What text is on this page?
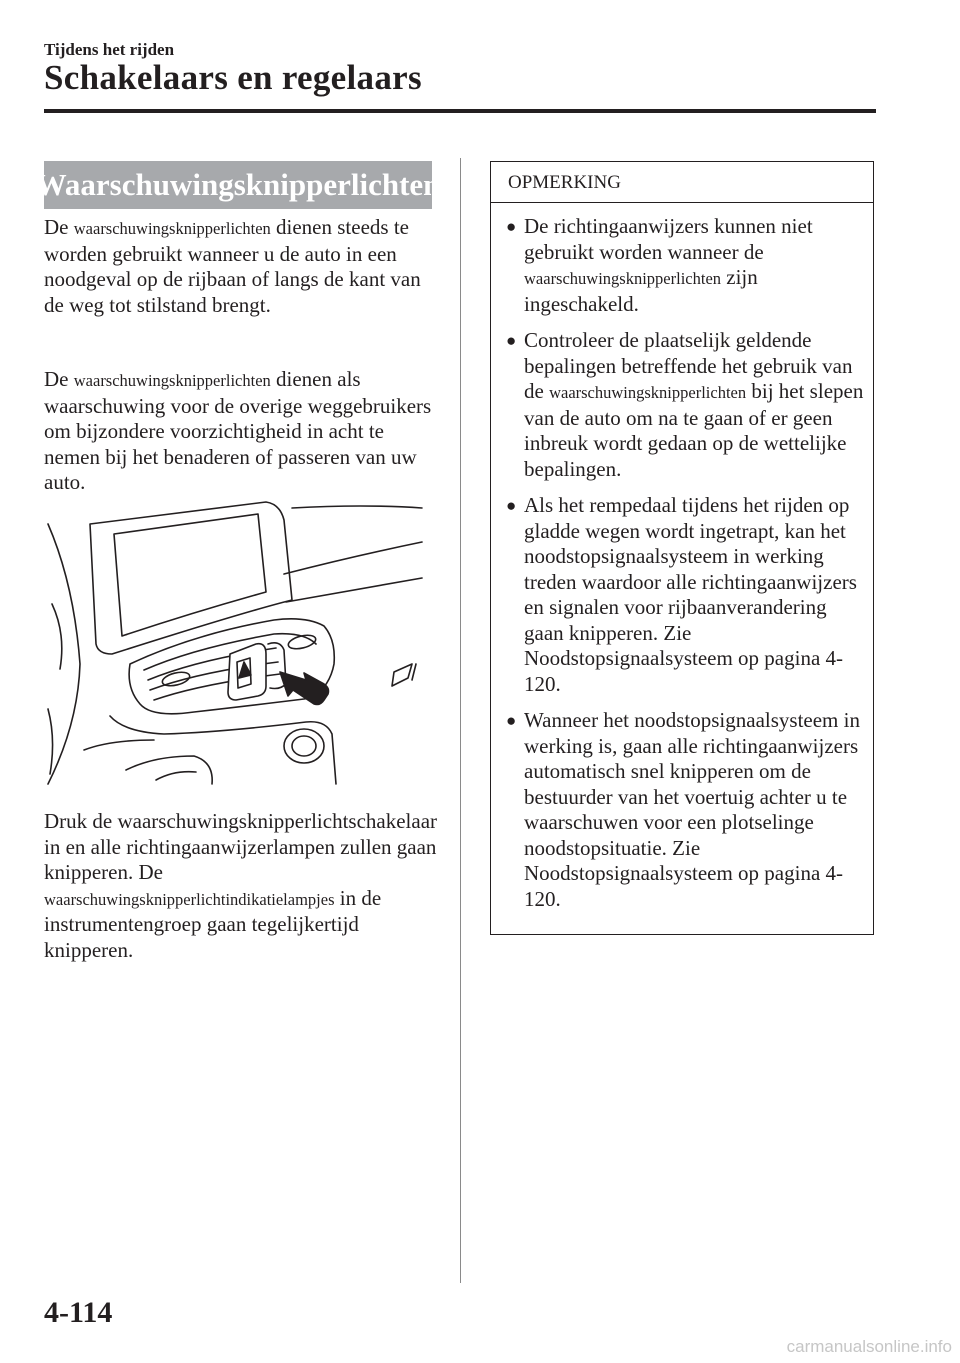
Tijdens het rijden
Schakelaars en regelaars
Waarschuwingsknipperlichten
De waarschuwingsknipperlichten dienen steeds te worden gebruikt wanneer u de auto in een noodgeval op de rijbaan of langs de kant van de weg tot stilstand brengt.
De waarschuwingsknipperlichten dienen als waarschuwing voor de overige weggebruikers om bijzondere voorzichtigheid in acht te nemen bij het benaderen of passeren van uw auto.
Druk de waarschuwingsknipperlichtschakelaar in en alle richtingaanwijzerlampen zullen gaan knipperen. De waarschuwingsknipperlichtindikatielampjes in de instrumentengroep gaan tegelijkertijd knipperen.
OPMERKING
● De richtingaanwijzers kunnen niet gebruikt worden wanneer de waarschuwingsknipperlichten zijn ingeschakeld.
● Controleer de plaatselijk geldende bepalingen betreffende het gebruik van de waarschuwingsknipperlichten bij het slepen van de auto om na te gaan of er geen inbreuk wordt gedaan op de wettelijke bepalingen.
● Als het rempedaal tijdens het rijden op gladde wegen wordt ingetrapt, kan het noodstopsignaalsysteem in werking treden waardoor alle richtingaanwijzers en signalen voor rijbaanverandering gaan knipperen. Zie Noodstopsignaalsysteem op pagina 4-120.
● Wanneer het noodstopsignaalsysteem in werking is, gaan alle richtingaanwijzers automatisch snel knipperen om de bestuurder van het voertuig achter u te waarschuwen voor een plotselinge noodstopsituatie. Zie Noodstopsignaalsysteem op pagina 4-120.
4-114
carmanualsonline.info
